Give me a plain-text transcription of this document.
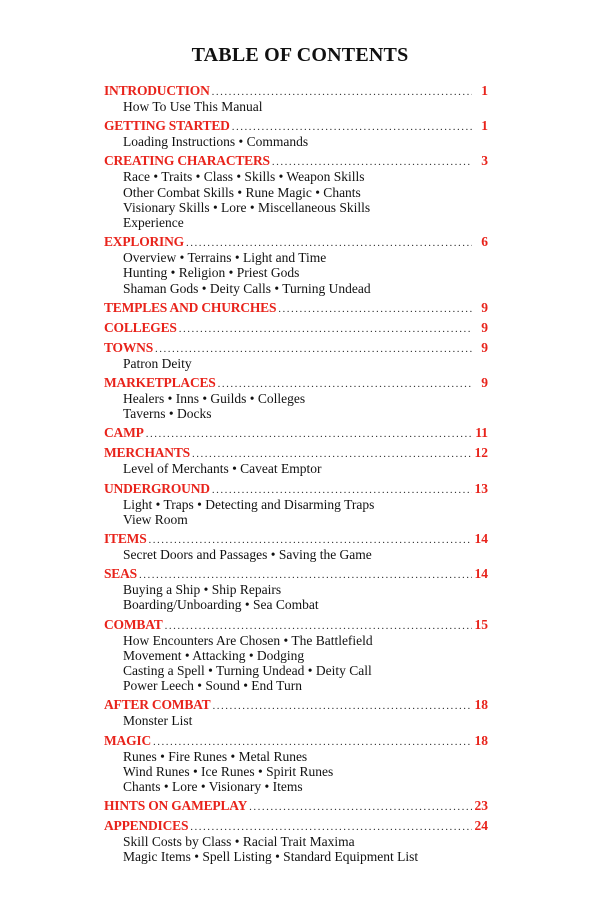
TABLE OF CONTENTS
INTRODUCTION .....	1
How To Use This Manual
GETTING STARTED .....	1
Loading Instructions • Commands
CREATING CHARACTERS .....	3
Race • Traits • Class • Skills • Weapon Skills
Other Combat Skills • Rune Magic • Chants
Visionary Skills • Lore • Miscellaneous Skills
Experience
EXPLORING .....	6
Overview • Terrains • Light and Time
Hunting • Religion • Priest Gods
Shaman Gods • Deity Calls • Turning Undead
TEMPLES AND CHURCHES .....	9
COLLEGES .....	9
TOWNS .....	9
Patron Deity
MARKETPLACES .....	9
Healers • Inns • Guilds • Colleges
Taverns • Docks
CAMP .....	11
MERCHANTS .....	12
Level of Merchants • Caveat Emptor
UNDERGROUND .....	13
Light • Traps • Detecting and Disarming Traps
View Room
ITEMS .....	14
Secret Doors and Passages • Saving the Game
SEAS .....	14
Buying a Ship • Ship Repairs
Boarding/Unboarding • Sea Combat
COMBAT .....	15
How Encounters Are Chosen • The Battlefield
Movement • Attacking • Dodging
Casting a Spell • Turning Undead • Deity Call
Power Leech • Sound • End Turn
AFTER COMBAT .....	18
Monster List
MAGIC .....	18
Runes • Fire Runes • Metal Runes
Wind Runes • Ice Runes • Spirit Runes
Chants • Lore • Visionary • Items
HINTS ON GAMEPLAY .....	23
APPENDICES .....	24
Skill Costs by Class • Racial Trait Maxima
Magic Items • Spell Listing • Standard Equipment List
